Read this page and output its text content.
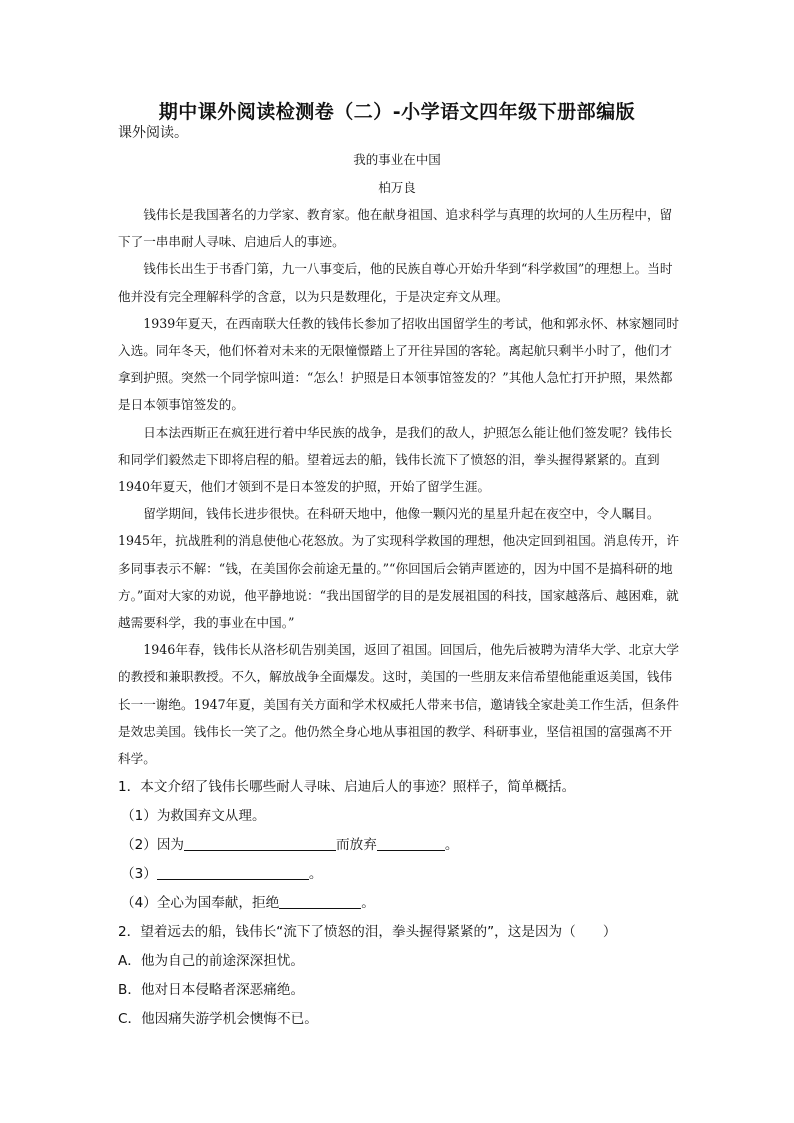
期中课外阅读检测卷（二）-小学语文四年级下册部编版
课外阅读。
我的事业在中国
柏万良

钱伟长是我国著名的力学家、教育家。他在献身祖国、追求科学与真理的坎坷的人生历程中，留下了一串串耐人寻味、启迪后人的事迹。

钱伟长出生于书香门第，九一八事变后，他的民族自尊心开始升华到“科学救国”的理想上。当时他并没有完全理解科学的含意，以为只是数理化，于是决定弃文从理。

1939年夏天，在西南联大任教的钱伟长参加了招收出国留学生的考试，他和郭永怀、林家翘同时入选。同年冬天，他们怀着对未来的无限憧憬踏上了开往异国的客轮。离起航只剩半小时了，他们才拿到护照。突然一个同学惊叫道：“怎么！护照是日本领事馆签发的？”其他人急忙打开护照，果然都是日本领事馆签发的。

日本法西斯正在疯狂进行着中华民族的战争，是我们的敌人，护照怎么能让他们签发呢？钱伟长和同学们毅然走下即将启程的船。望着远去的船，钱伟长流下了愤怒的泪，拳头握得紧紧的。直到1940年夏天，他们才领到不是日本签发的护照，开始了留学生涯。

留学期间，钱伟长进步很快。在科研天地中，他像一颗闪光的星星升起在夜空中，令人瞩目。1945年，抗战胜利的消息使他心花怒放。为了实现科学救国的理想，他决定回到祖国。消息传开，许多同事表示不解：“钱，在美国你会前途无量的。”“你回国后会销声匿迹的，因为中国不是搞科研的地方。”面对大家的劝说，他平静地说：“我出国留学的目的是发展祖国的科技，国家越落后、越困难，就越需要科学，我的事业在中国。”

1946年春，钱伟长从洛杉矶告别美国，返回了祖国。回国后，他先后被聘为清华大学、北京大学的教授和兼职教授。不久，解放战争全面爆发。这时，美国的一些朋友来信希望他能重返美国，钱伟长一一谢绝。1947年夏，美国有关方面和学术权威托人带来书信，邀请钱全家赴美工作生活，但条件是效忠美国。钱伟长一笑了之。他仍然全身心地从事祖国的教学、科研事业，坚信祖国的富强离不开科学。

1．本文介绍了钱伟长哪些耐人寻味、启迪后人的事迹？照样子，简单概括。
（1）为救国弃文从理。
（2）因为	而放弃	。
（3）	。
（4）全心为国奉献，拒绝	。
2．望着远去的船，钱伟长“流下了愤怒的泪，拳头握得紧紧的”，这是因为（　　）
A．他为自己的前途深深担忧。
B．他对日本侵略者深恶痛绝。
C．他因痛失游学机会懊悔不已。
